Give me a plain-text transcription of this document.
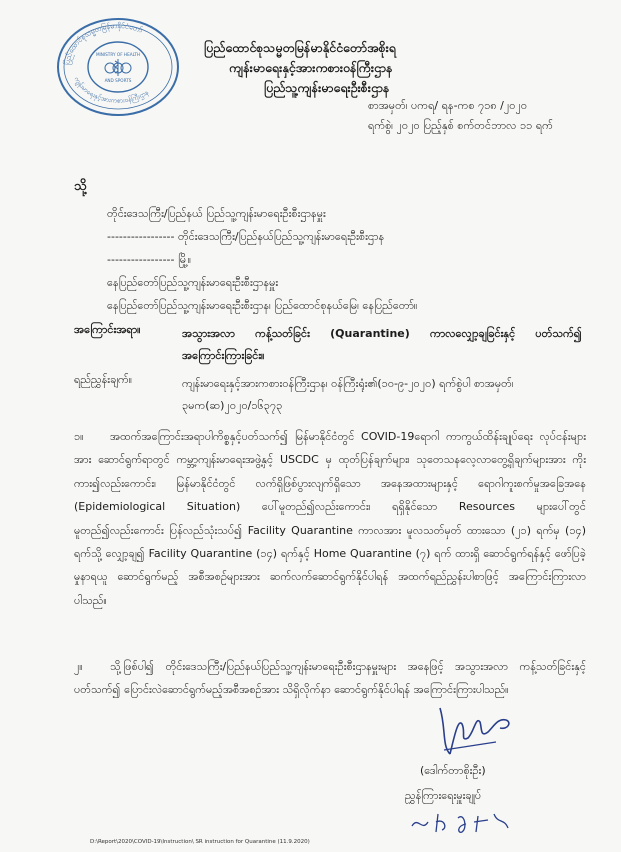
ပြည်ထောင်စုသမ္မတမြန်မာနိုင်ငံတော်
ကျန်းမာရေးနှင့်အားကစားဝန်ကြီးဌာန
MINISTRY OF HEALTH
AND SPORTS
ပြည်ထောင်စုသမ္မတမြန်မာနိုင်ငံတော်အစိုးရ
ကျန်းမာရေးနှင့်အားကစားဝန်ကြီးဌာန
ပြည်သူ့ကျန်းမာရေးဦးစီးဌာန
စာအမှတ်၊ ပကရ/ ရန-ကစ ၇၁၈ /၂၀၂၀
ရက်စွဲ၊ ၂၀၂၀ ပြည့်နှစ် စက်တင်ဘာလ ၁၁ ရက်
သို့
တိုင်းဒေသကြီး/ပြည်နယ် ပြည်သူ့ကျန်းမာရေးဦးစီးဌာနမှူး
----------------- တိုင်းဒေသကြီး/ပြည်နယ်ပြည်သူ့ကျန်းမာရေးဦးစီးဌာန
----------------- မြို့။
နေပြည်တော်ပြည်သူ့ကျန်းမာရေးဦးစီးဌာနမှူး
နေပြည်တော်ပြည်သူ့ကျန်းမာရေးဦးစီးဌာန၊ ပြည်ထောင်စုနယ်မြေ၊ နေပြည်တော်။
အကြောင်းအရာ။	အသွားအလာ ကန့်သတ်ခြင်း (Quarantine) ကာလလျှော့ချခြင်းနှင့် ပတ်သက်၍ အကြောင်းကြားခြင်း။
ရည်ညွှန်းချက်။	ကျန်းမာရေးနှင့်အားကစားဝန်ကြီးဌာန၊ ဝန်ကြီးရုံး၏(၁၀-၉-၂၀၂၀) ရက်စွဲပါ စာအမှတ်၊ ၃မက(ဆ)၂၀၂၀/၁၆၃၇၃
၁။ အထက်အကြောင်းအရာပါကိစ္စနှင့်ပတ်သက်၍ မြန်မာနိုင်ငံတွင် COVID-19ရောဂါ ကာကွယ်ထိန်းချုပ်ရေး လုပ်ငန်းများအား ဆောင်ရွက်ရာတွင် ကမ္ဘာ့ကျန်းမာရေးအဖွဲ့နှင့် USCDC မှ ထုတ်ပြန်ချက်များ၊ သုတေသနလေ့လာတွေ့ရှိချက်များအား ကိုးကား၍လည်းကောင်း၊ မြန်မာနိုင်ငံတွင် လက်ရှိဖြစ်ပွားလျက်ရှိသော အနေအထားများနှင့် ရောဂါကူးစက်မှုအခြေအနေ (Epidemiological Situation) ပေါ်မူတည်၍လည်းကောင်း၊ ရရှိနိုင်သော Resources များပေါ်တွင် မူတည်၍လည်းကောင်း ပြန်လည်သုံးသပ်၍ Facility Quarantine ကာလအား မူလသတ်မှတ် ထားသော (၂၁) ရက်မှ (၁၄) ရက်သို့ လျှော့ချ၍ Facility Quarantine (၁၄) ရက်နှင့် Home Quarantine (၇) ရက် ထားရှိ ဆောင်ရွက်ရန်နှင့် ဖော်ပြခဲ့မှုနာရယူ ဆောင်ရွက်မည့် အစီအစဉ်များအား ဆက်လက်ဆောင်ရွက်နိုင်ပါရန် အထက်ရည်ညွှန်းပါစာဖြင့် အကြောင်းကြားလာပါသည်။
၂။ သို့ဖြစ်ပါ၍ တိုင်းဒေသကြီး/ပြည်နယ်ပြည်သူ့ကျန်းမာရေးဦးစီးဌာနမှူးများ အနေဖြင့် အသွားအလာ ကန့်သတ်ခြင်းနှင့် ပတ်သက်၍ ပြောင်းလဲဆောင်ရွက်မည့်အစီအစဉ်အား သိရှိလိုက်နာ ဆောင်ရွက်နိုင်ပါရန် အကြောင်းကြားပါသည်။
(ဒေါက်တာစိုးဦး)
ညွှန်ကြားရေးမှူးချုပ်
D:\Report\2020\COVID-19\Instruction\ SR instruction for Quarantine (11.9.2020)
